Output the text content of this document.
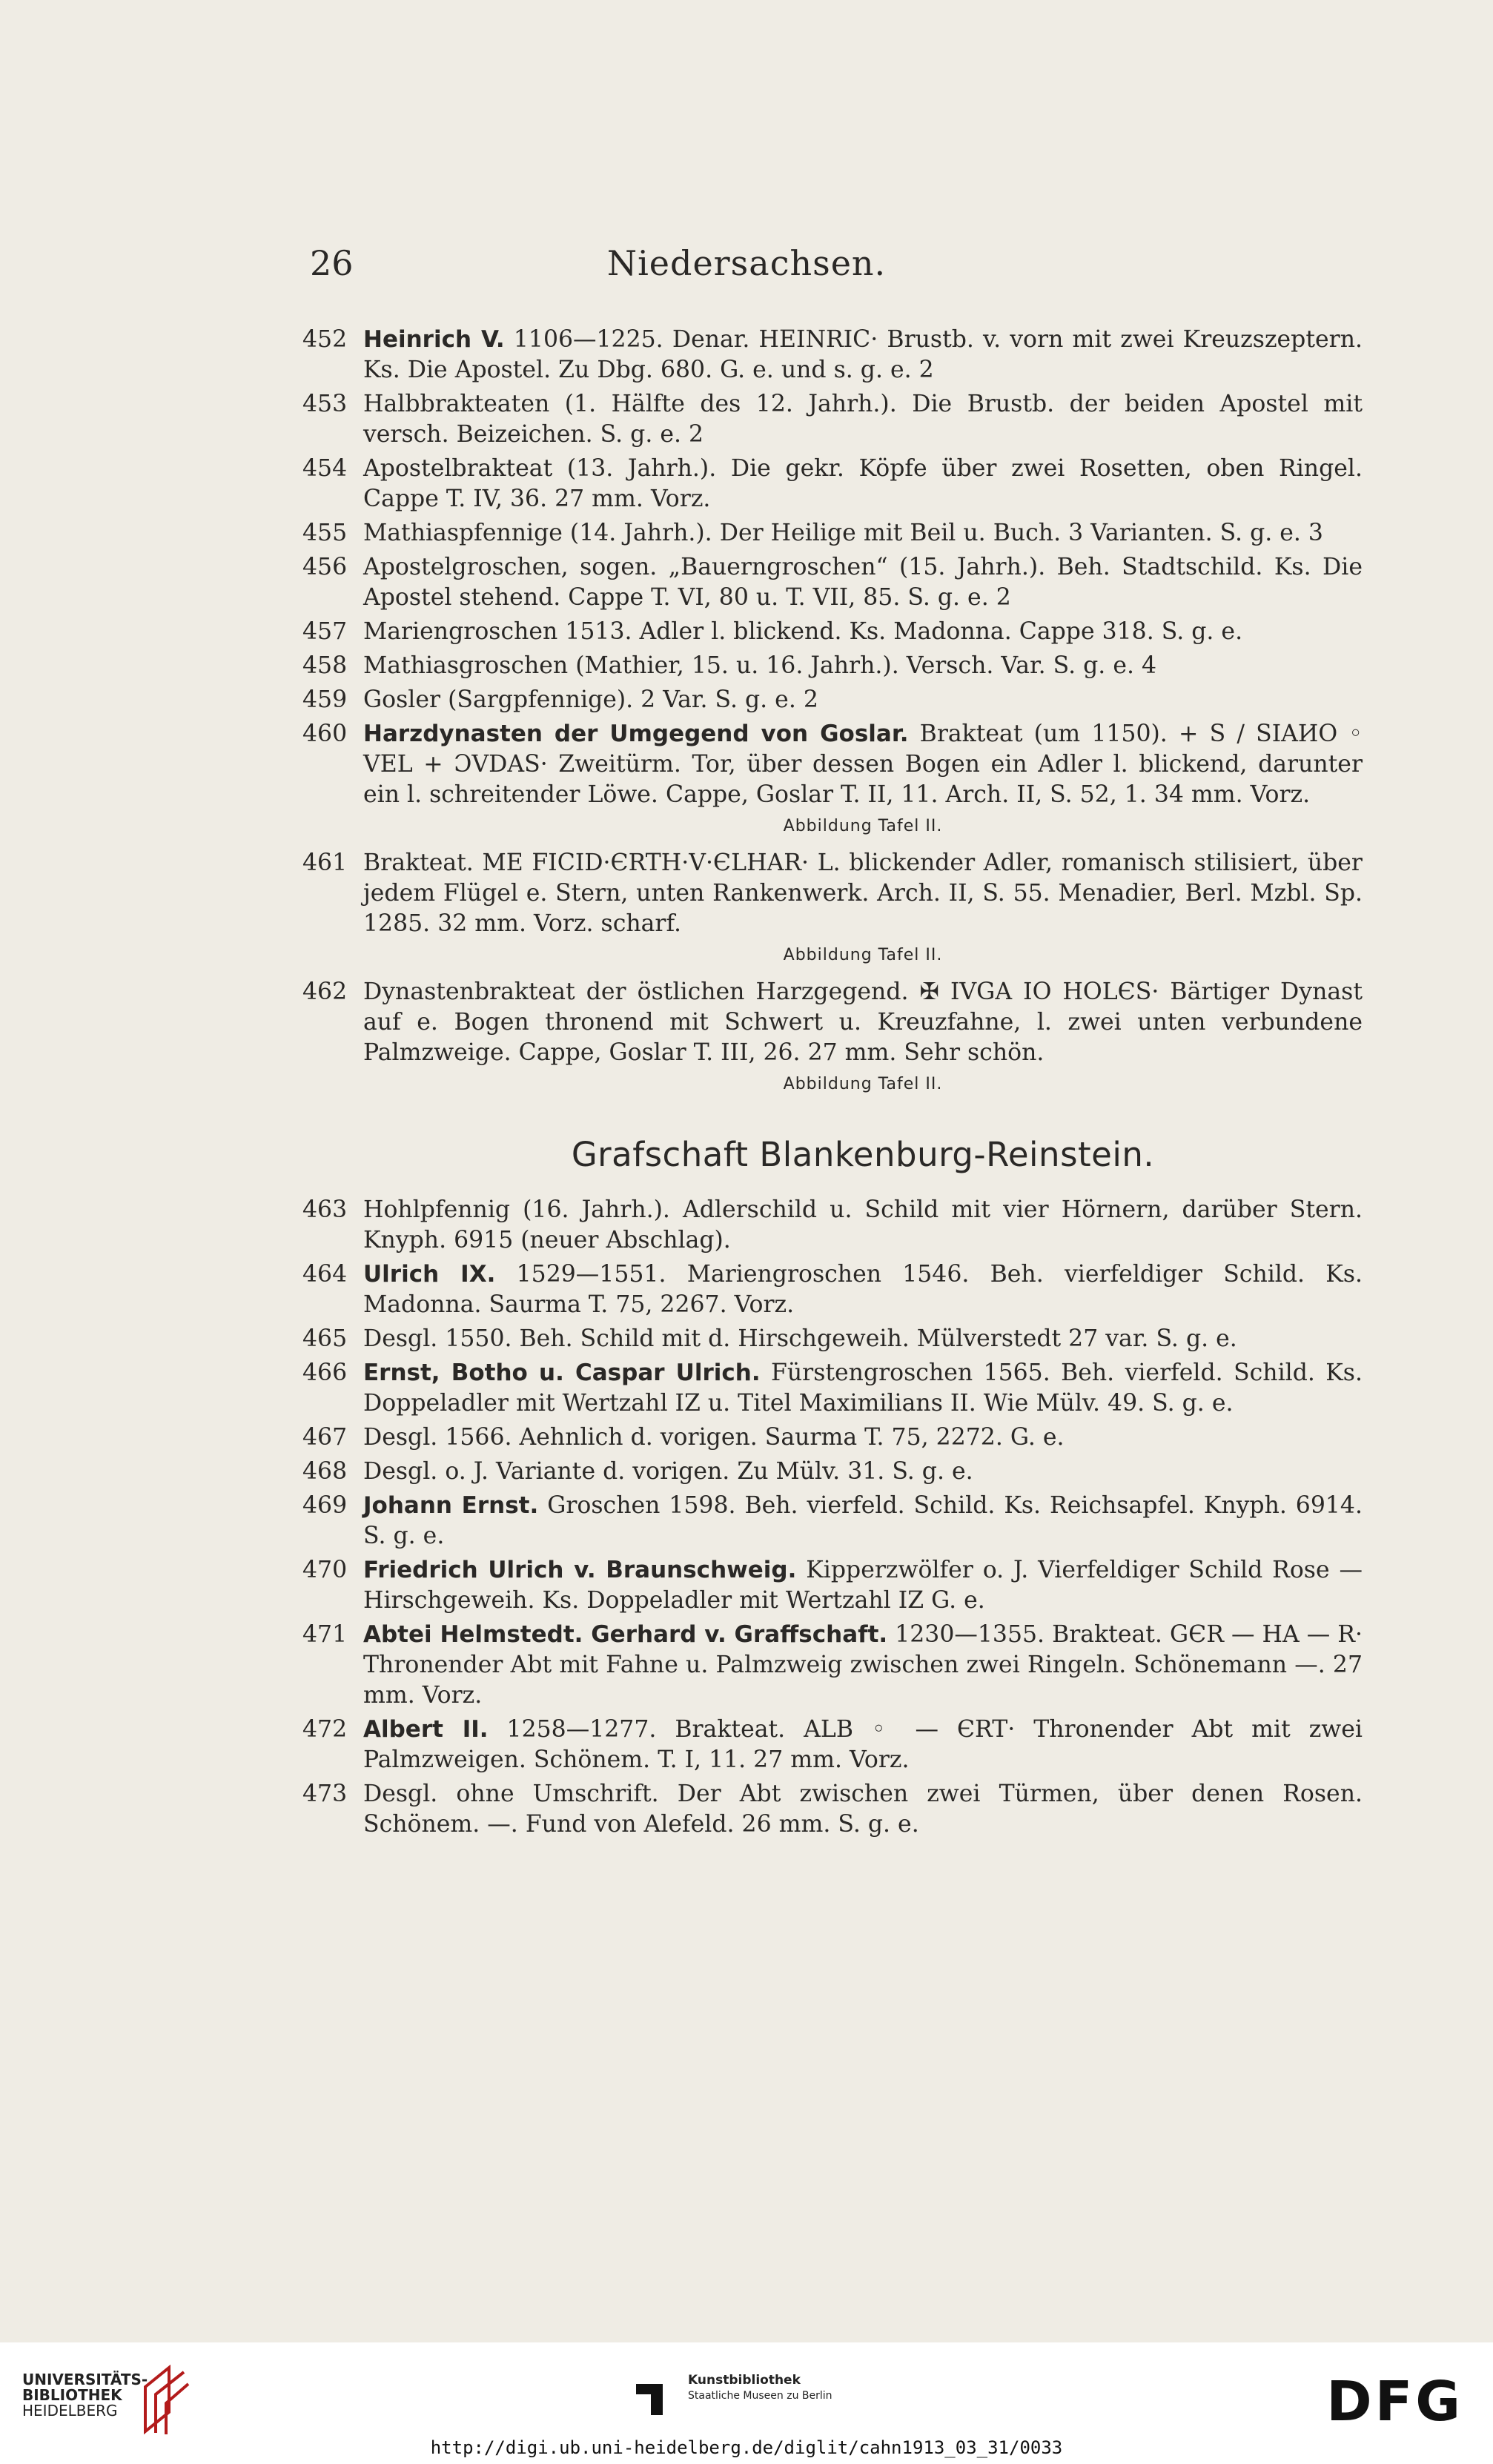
26	Niedersachsen.
452 Heinrich V. 1106—1225. Denar. HEINRIC· Brustb. v. vorn mit zwei Kreuzszeptern. Ks. Die Apostel. Zu Dbg. 680. G. e. und s. g. e. 2
453 Halbbrakteaten (1. Hälfte des 12. Jahrh.). Die Brustb. der beiden Apostel mit versch. Beizeichen. S. g. e. 2
454 Apostelbrakteat (13. Jahrh.). Die gekr. Köpfe über zwei Rosetten, oben Ringel. Cappe T. IV, 36. 27 mm. Vorz.
455 Mathiaspfennige (14. Jahrh.). Der Heilige mit Beil u. Buch. 3 Varianten. S. g. e. 3
456 Apostelgroschen, sogen. „Bauerngroschen“ (15. Jahrh.). Beh. Stadtschild. Ks. Die Apostel stehend. Cappe T. VI, 80 u. T. VII, 85. S. g. e. 2
457 Mariengroschen 1513. Adler l. blickend. Ks. Madonna. Cappe 318. S. g. e.
458 Mathiasgroschen (Mathier, 15. u. 16. Jahrh.). Versch. Var. S. g. e. 4
459 Gosler (Sargpfennige). 2 Var. S. g. e. 2
460 Harzdynasten der Umgegend von Goslar. Brakteat (um 1150). + S / SIAИO ◦ VEL + ƆVDAS· Zweitürm. Tor, über dessen Bogen ein Adler l. blickend, darunter ein l. schreitender Löwe. Cappe, Goslar T. II, 11. Arch. II, S. 52, 1. 34 mm. Vorz.
Abbildung Tafel II.
461 Brakteat. ME FICID·ЄRTH·V·ЄLHAR· L. blickender Adler, romanisch stilisiert, über jedem Flügel e. Stern, unten Rankenwerk. Arch. II, S. 55. Menadier, Berl. Mzbl. Sp. 1285. 32 mm. Vorz. scharf.
Abbildung Tafel II.
462 Dynastenbrakteat der östlichen Harzgegend. ✠ IVGA IO HOLЄS· Bärtiger Dynast auf e. Bogen thronend mit Schwert u. Kreuzfahne, l. zwei unten verbundene Palmzweige. Cappe, Goslar T. III, 26. 27 mm. Sehr schön.
Abbildung Tafel II.
Grafschaft Blankenburg-Reinstein.
463 Hohlpfennig (16. Jahrh.). Adlerschild u. Schild mit vier Hörnern, darüber Stern. Knyph. 6915 (neuer Abschlag).
464 Ulrich IX. 1529—1551. Mariengroschen 1546. Beh. vierfeldiger Schild. Ks. Madonna. Saurma T. 75, 2267. Vorz.
465 Desgl. 1550. Beh. Schild mit d. Hirschgeweih. Mülverstedt 27 var. S. g. e.
466 Ernst, Botho u. Caspar Ulrich. Fürstengroschen 1565. Beh. vierfeld. Schild. Ks. Doppeladler mit Wertzahl IZ u. Titel Maximilians II. Wie Mülv. 49. S. g. e.
467 Desgl. 1566. Aehnlich d. vorigen. Saurma T. 75, 2272. G. e.
468 Desgl. o. J. Variante d. vorigen. Zu Mülv. 31. S. g. e.
469 Johann Ernst. Groschen 1598. Beh. vierfeld. Schild. Ks. Reichsapfel. Knyph. 6914. S. g. e.
470 Friedrich Ulrich v. Braunschweig. Kipperzwölfer o. J. Vierfeldiger Schild Rose — Hirschgeweih. Ks. Doppeladler mit Wertzahl IZ G. e.
471 Abtei Helmstedt. Gerhard v. Graffschaft. 1230—1355. Brakteat. GЄR — HA — R· Thronender Abt mit Fahne u. Palmzweig zwischen zwei Ringeln. Schönemann —. 27 mm. Vorz.
472 Albert II. 1258—1277. Brakteat. ALB ◦ — ЄRT· Thronender Abt mit zwei Palmzweigen. Schönem. T. I, 11. 27 mm. Vorz.
473 Desgl. ohne Umschrift. Der Abt zwischen zwei Türmen, über denen Rosen. Schönem. —. Fund von Alefeld. 26 mm. S. g. e.
UNIVERSITÄTS-
BIBLIOTHEK
HEIDELBERG
Kunstbibliothek
Staatliche Museen zu Berlin	DFG
http://digi.ub.uni-heidelberg.de/diglit/cahn1913_03_31/0033
